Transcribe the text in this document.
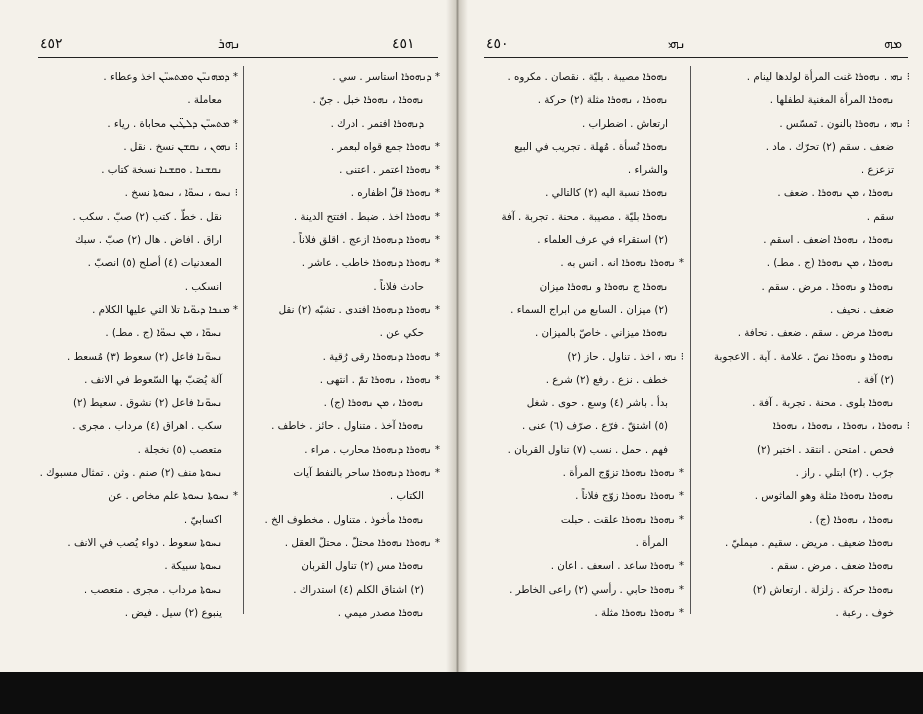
٤٥٢	ܢܗܪ	٤٥١
* ܕܡܗܢܝ̈ܢ ܘܡܬܚܝ̈ܢ اخذ وعطاء .
معاملة .
* ܡܬܚܝ̈ܢ ܕܠܛ̈ܝܢ محاباة . رياء .
⁝ ܢܗܘܢ ، ܢܩܫܢ نسخ . نقل .
ܢܩܫܢܐ . ܘܩܫܢܐ نسخة كتاب .
⁝ ܢܚܘ ، ܢܚܘ̈ܐ ، ܢܚܘܬܐ نسخ .
نقل . خطّ . كتب (٢) صبّ . سكب .
اراق . افاض . هال (٢) صبّ . سبك
المعدنيات (٤) أصلح (٥) انصبّ .
انسكب .
* ܡܢܟܐ ܕܝܘ̈ܝܐ تلا التي عليها الكلام .
ܢܚܘ̈ܐ ، ܡܢ ܢܚܘ̈ܐ (ج . مطـ) .
ܢܚܘ̈ܢܐ فاعل (٢) سعوط (٣) مُسعط .
آلة يُصَبّ بها السّعوط في الانف .
ܢܚܘ̈ܢܐ فاعل (٢) نشوق . سعيط (٢)
سكب . اهراق (٤) مرداب . مجرى .
متعصب (٥) نخجلة .
ܢܚܘܬܐ منف (٢) صنم . وثن . تمثال مسبوك .
* ܢܚܘܬܐ ܢܚܘܬܐ علم مخاص . عن
اكسابيّ .
ܢܚܘܬܐ سعوط . دواء يُصب في الانف .
ܢܚܘܬܐ سبيكة .
ܢܚܘܬܐ مرداب . مجرى . متعصب .
ينبوع (٢) سيل . فيض .
* ܕܢܗܘܪܐ استاسر . سي .
ܢܗܘܪܐ ، ܢܗܘܪܐ خبل . جنّ .
ܕܢܗܘܪܐ افتمر . ادرك .
* ܢܗܘܪܐ جمع قواه لبعمر .
* ܢܗܘܪܐ اعتمر . اعتنى .
* ܢܗܘܪܐ قلّ اظفاره .
* ܢܗܘܪܐ اخذ . ضبط . افتتح الدينة .
* ܢܗܘܪܐ ܕܢܗܘܪܐ ازعج . اقلق فلاناً .
* ܢܗܘܪܐ ܕܢܗܘܪܐ خاطب . عاشر .
حادث فلاناً .
* ܢܗܘܪܐ ܕܢܗܘܪܐ افتدى . تشبّه (٢) نقل
حكي عن .
* ܢܗܘܪܐ ܕܢܗܘܪܐ رقى رُقية .
* ܢܗܘܪܐ ، ܢܗܘܪܐ تمّ . انتهى .
ܢܗܘܪܐ ، ܡܢ ܢܗܘܪܐ (ج) .
ܢܗܘܪܐ آخذ . متناول . حائز . خاطف .
* ܢܗܘܪܐ ܕܢܗܘܪܐ محارب . مراء .
* ܢܗܘܪܐ ܕܢܗܘܪܐ ساحر بالنفط آيات
الكتاب .
ܢܗܘܪܐ مأخوذ . متناول . مخطوف الخ .
* ܢܗܘܪܐ ܢܗܘܪܐ محتلّ . محتلّ العقل .
ܢܗܘܪܐ مس (٢) تناول القربان
(٢) اشتاق الكلم (٤) استدراك .
ܢܗܘܪܐ مصدر ميمي .
٤٥٠	ܢܗܝ	ܡܗ
ܢܗܘܪܐ مصيبة . بليّة . نقصان . مكروه .
ܢܗܘܪܐ ، ܢܗܘܪܐ مثلة (٢) حركة .
ارتعاش . اضطراب .
ܢܗܘܪܐ نُسأة . مُهلة . تجريب في البيع
والشراء .
ܢܗܘܪܐ نسبة اليه (٢) كالتالي .
ܢܗܘܪܐ بليّة . مصيبة . محنة . تجربة . آفة
(٢) استقراء في عرف العلماء .
* ܢܗܘܪܐ ܢܗܘܪܐ انه . انس به .
ܢܗܘܪܐ ج ܢܗܘܪܐ و ܢܗܘܪܐ ميزان
(٢) ميزان . السابع من ابراج السماء .
ܢܗܘܪܐ ميزاني . خاصّ بالميزان .
⁝ ܢܗܝ ، اخذ . تناول . حاز (٢)
خطف . نزع . رفع (٢) شرع .
بدأ . باشر (٤) وسع . حوى . شغل
(٥) اشتقّ . فرّع . صرّف (٦) عنى .
فهم . حمل . نسب (٧) تناول القربان .
* ܢܗܘܪܐ ܢܗܘܪܐ تزوّج المرأة .
* ܢܗܘܪܐ ܢܗܘܪܐ زوّج فلاناً .
* ܢܗܘܪܐ ܢܗܘܪܐ علقت . حبلت
المرأة .
* ܢܗܘܪܐ ساعد . اسعف . اعان .
* ܢܗܘܪܐ حابي . رأسي (٢) راعى الخاطر .
* ܢܗܘܪܐ ܢܗܘܪܐ مثلة .
⁝ ܢܗܝ . ܢܗܘܪܐ غنت المرأة لولدها لينام .
ܢܗܘܪܐ المرأة المغنية لطفلها .
⁝ ܢܗܝ ، ܢܗܘܪܐ بالنون . تَمسّس .
ضعف . سقم (٢) تحرّك . ماد .
تزعزع .
ܢܗܘܪܐ ، ܡܢ ܢܗܘܪܐ . ضعف .
سقم .
ܢܗܘܪܐ ، ܢܗܘܪܐ اضعف . اسقم .
ܢܗܘܪܐ ، ܡܢ ܢܗܘܪܐ (ج . مطـ) .
ܢܗܘܪܐ و ܢܗܘܪܐ . مرض . سقم .
ضعف . نحيف .
ܢܗܘܪܐ مرض . سقم . ضعف . نحافة .
ܢܗܘܪܐ و ܢܗܘܪܐ نصّ . علامة . آية . الاعجوبة
(٢) آفة .
ܢܗܘܪܐ بلوى . محنة . تجربة . آفة .
⁝ ܢܗܘܪܐ ، ܢܗܘܪܐ ، ܢܗܘܪܐ ، ܢܗܘܪܐ
فحص . امتحن . انتقد . اختبر (٢)
جرّب . (٢) ابتلي . راز .
ܢܗܘܪܐ ܢܗܘܪܐ مثلة وهو الماثوس .
ܢܗܘܪܐ ، ܢܗܘܪܐ (ج) .
ܢܗܘܪܐ ضعيف . مريض . سقيم . ميمليّ .
ܢܗܘܪܐ ضعف . مرض . سقم .
ܢܗܘܪܐ حركة . زلزلة . ارتعاش (٢)
خوف . رعبة .
